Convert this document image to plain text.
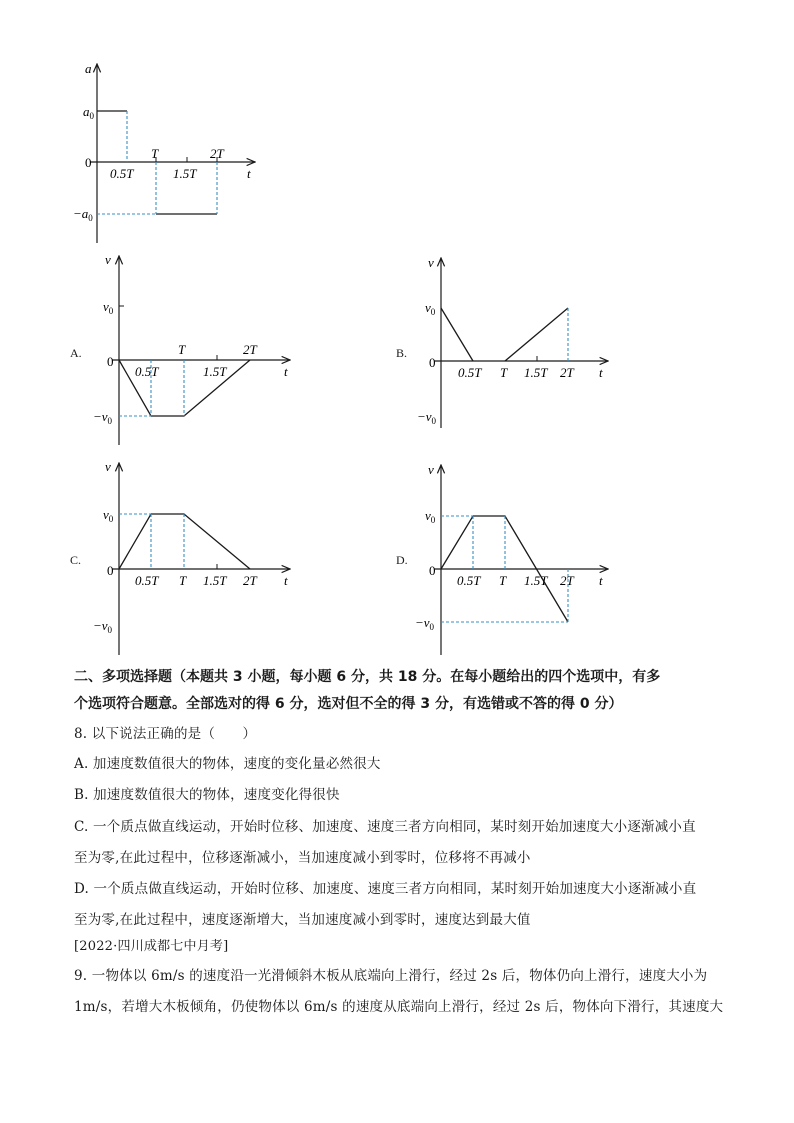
a
$a_0$
0
$-a_0$
0.5T
T
1.5T
2T
t
v
$v_0$
0
$-v_0$
0.5T
T
1.5T
2T
t
v
$v_0$
0
$-v_0$
0.5T T 1.5T 2T t
v
$v_0$
0
$-v_0$
0.5T T 1.5T 2T t
v
$v_0$
0
$-v_0$
0.5T T 1.5T 2T t
A.	B.
C.	D.
二、多项选择题（本题共 3 小题，每小题 6 分，共 18 分。在每小题给出的四个选项中，有多
个选项符合题意。全部选对的得 6 分，选对但不全的得 3 分，有选错或不答的得 0 分）
8. 以下说法正确的是（　　）
A. 加速度数值很大的物体，速度的变化量必然很大
B. 加速度数值很大的物体，速度变化得很快
C. 一个质点做直线运动，开始时位移、加速度、速度三者方向相同，某时刻开始加速度大小逐渐减小直
至为零,在此过程中，位移逐渐减小，当加速度减小到零时，位移将不再减小
D. 一个质点做直线运动，开始时位移、加速度、速度三者方向相同，某时刻开始加速度大小逐渐减小直
至为零,在此过程中，速度逐渐增大，当加速度减小到零时，速度达到最大值
[2022·四川成都七中月考]
9. 一物体以 6m/s 的速度沿一光滑倾斜木板从底端向上滑行，经过 2s 后，物体仍向上滑行，速度大小为
1m/s，若增大木板倾角，仍使物体以 6m/s 的速度从底端向上滑行，经过 2s 后，物体向下滑行，其速度大
